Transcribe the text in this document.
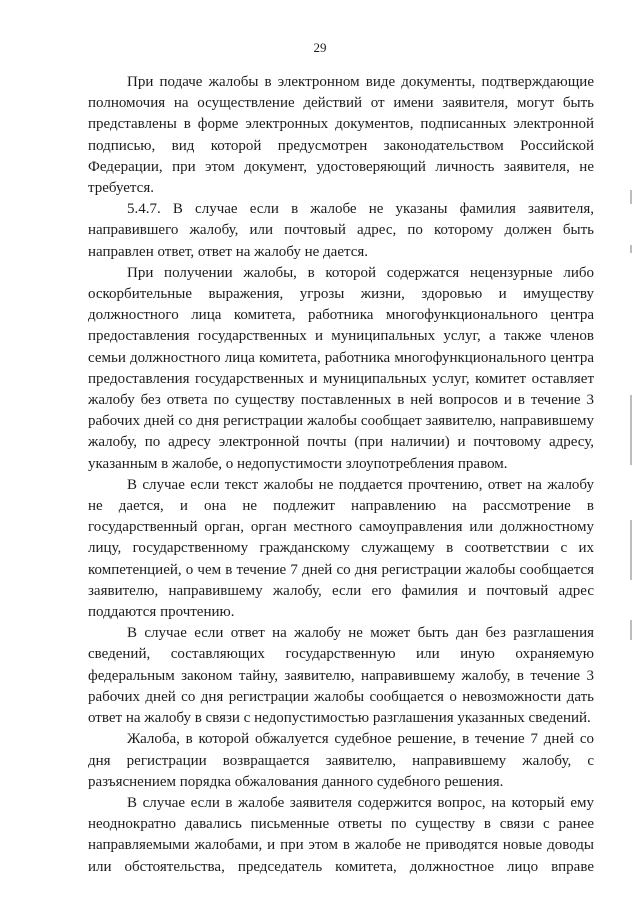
29

При подаче жалобы в электронном виде документы, подтверждающие полномочия на осуществление действий от имени заявителя, могут быть представлены в форме электронных документов, подписанных электронной подписью, вид которой предусмотрен законодательством Российской Федерации, при этом документ, удостоверяющий личность заявителя, не требуется.

5.4.7. В случае если в жалобе не указаны фамилия заявителя, направившего жалобу, или почтовый адрес, по которому должен быть направлен ответ, ответ на жалобу не дается.

При получении жалобы, в которой содержатся нецензурные либо оскорбительные выражения, угрозы жизни, здоровью и имуществу должностного лица комитета, работника многофункционального центра предоставления государственных и муниципальных услуг, а также членов семьи должностного лица комитета, работника многофункционального центра предоставления государственных и муниципальных услуг, комитет оставляет жалобу без ответа по существу поставленных в ней вопросов и в течение 3 рабочих дней со дня регистрации жалобы сообщает заявителю, направившему жалобу, по адресу электронной почты (при наличии) и почтовому адресу, указанным в жалобе, о недопустимости злоупотребления правом.

В случае если текст жалобы не поддается прочтению, ответ на жалобу не дается, и она не подлежит направлению на рассмотрение в государственный орган, орган местного самоуправления или должностному лицу, государственному гражданскому служащему в соответствии с их компетенцией, о чем в течение 7 дней со дня регистрации жалобы сообщается заявителю, направившему жалобу, если его фамилия и почтовый адрес поддаются прочтению.

В случае если ответ на жалобу не может быть дан без разглашения сведений, составляющих государственную или иную охраняемую федеральным законом тайну, заявителю, направившему жалобу, в течение 3 рабочих дней со дня регистрации жалобы сообщается о невозможности дать ответ на жалобу в связи с недопустимостью разглашения указанных сведений.

Жалоба, в которой обжалуется судебное решение, в течение 7 дней со дня регистрации возвращается заявителю, направившему жалобу, с разъяснением порядка обжалования данного судебного решения.

В случае если в жалобе заявителя содержится вопрос, на который ему неоднократно давались письменные ответы по существу в связи с ранее направляемыми жалобами, и при этом в жалобе не приводятся новые доводы или обстоятельства, председатель комитета, должностное лицо вправе
